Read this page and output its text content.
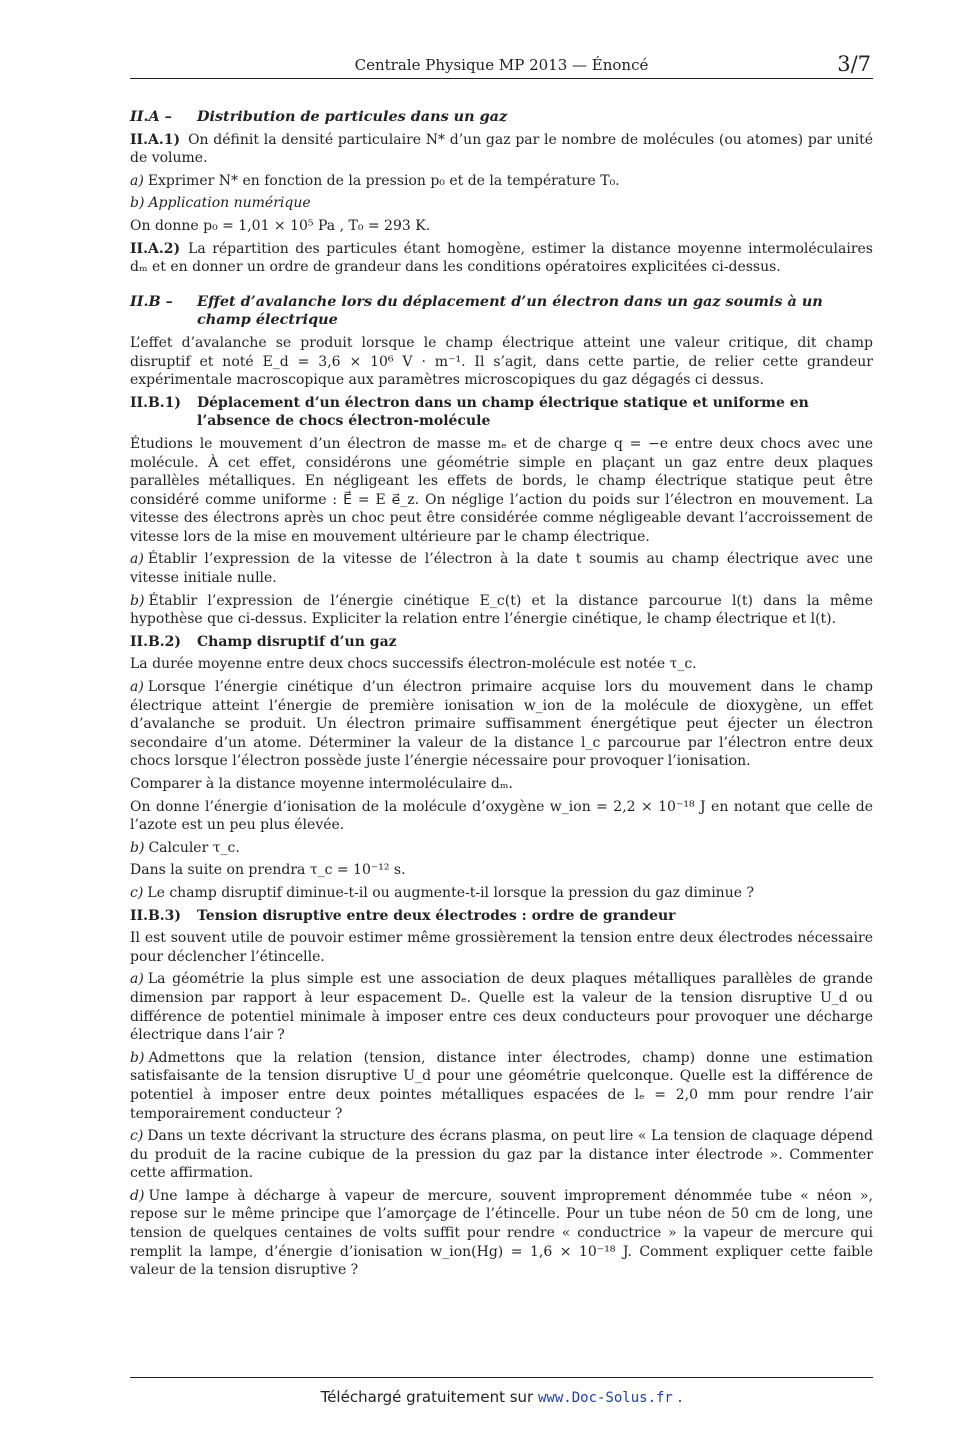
Centrale Physique MP 2013 — Énoncé	3/7
II.A –	Distribution de particules dans un gaz

II.A.1) On définit la densité particulaire N* d’un gaz par le nombre de molécules (ou atomes) par unité de volume.

a) Exprimer N* en fonction de la pression p₀ et de la température T₀.

b) Application numérique

On donne p₀ = 1,01 × 10⁵ Pa , T₀ = 293 K.

II.A.2) La répartition des particules étant homogène, estimer la distance moyenne intermoléculaires dₘ et en donner un ordre de grandeur dans les conditions opératoires explicitées ci-dessus.

II.B –	Effet d’avalanche lors du déplacement d’un électron dans un gaz soumis à un champ électrique

L’effet d’avalanche se produit lorsque le champ électrique atteint une valeur critique, dit champ disruptif et noté E_d = 3,6 × 10⁶ V · m⁻¹. Il s’agit, dans cette partie, de relier cette grandeur expérimentale macroscopique aux paramètres microscopiques du gaz dégagés ci dessus.

II.B.1)	Déplacement d’un électron dans un champ électrique statique et uniforme en l’absence de chocs électron-molécule

Étudions le mouvement d’un électron de masse mₑ et de charge q = −e entre deux chocs avec une molécule. À cet effet, considérons une géométrie simple en plaçant un gaz entre deux plaques parallèles métalliques. En négligeant les effets de bords, le champ électrique statique peut être considéré comme uniforme : E⃗ = E e⃗_z. On néglige l’action du poids sur l’électron en mouvement. La vitesse des électrons après un choc peut être considérée comme négligeable devant l’accroissement de vitesse lors de la mise en mouvement ultérieure par le champ électrique.

a) Établir l’expression de la vitesse de l’électron à la date t soumis au champ électrique avec une vitesse initiale nulle.

b) Établir l’expression de l’énergie cinétique E_c(t) et la distance parcourue l(t) dans la même hypothèse que ci-dessus. Expliciter la relation entre l’énergie cinétique, le champ électrique et l(t).

II.B.2)	Champ disruptif d’un gaz

La durée moyenne entre deux chocs successifs électron-molécule est notée τ_c.

a) Lorsque l’énergie cinétique d’un électron primaire acquise lors du mouvement dans le champ électrique atteint l’énergie de première ionisation w_ion de la molécule de dioxygène, un effet d’avalanche se produit. Un électron primaire suffisamment énergétique peut éjecter un électron secondaire d’un atome. Déterminer la valeur de la distance l_c parcourue par l’électron entre deux chocs lorsque l’électron possède juste l’énergie nécessaire pour provoquer l’ionisation.

Comparer à la distance moyenne intermoléculaire dₘ.

On donne l’énergie d’ionisation de la molécule d’oxygène w_ion = 2,2 × 10⁻¹⁸ J en notant que celle de l’azote est un peu plus élevée.

b) Calculer τ_c.

Dans la suite on prendra τ_c = 10⁻¹² s.

c) Le champ disruptif diminue-t-il ou augmente-t-il lorsque la pression du gaz diminue ?

II.B.3)	Tension disruptive entre deux électrodes : ordre de grandeur

Il est souvent utile de pouvoir estimer même grossièrement la tension entre deux électrodes nécessaire pour déclencher l’étincelle.

a) La géométrie la plus simple est une association de deux plaques métalliques parallèles de grande dimension par rapport à leur espacement Dₑ. Quelle est la valeur de la tension disruptive U_d ou différence de potentiel minimale à imposer entre ces deux conducteurs pour provoquer une décharge électrique dans l’air ?

b) Admettons que la relation (tension, distance inter électrodes, champ) donne une estimation satisfaisante de la tension disruptive U_d pour une géométrie quelconque. Quelle est la différence de potentiel à imposer entre deux pointes métalliques espacées de lₑ = 2,0 mm pour rendre l’air temporairement conducteur ?

c) Dans un texte décrivant la structure des écrans plasma, on peut lire « La tension de claquage dépend du produit de la racine cubique de la pression du gaz par la distance inter électrode ». Commenter cette affirmation.

d) Une lampe à décharge à vapeur de mercure, souvent improprement dénommée tube « néon », repose sur le même principe que l’amorçage de l’étincelle. Pour un tube néon de 50 cm de long, une tension de quelques centaines de volts suffit pour rendre « conductrice » la vapeur de mercure qui remplit la lampe, d’énergie d’ionisation w_ion(Hg) = 1,6 × 10⁻¹⁸ J. Comment expliquer cette faible valeur de la tension disruptive ?

Téléchargé gratuitement sur www.Doc-Solus.fr .
